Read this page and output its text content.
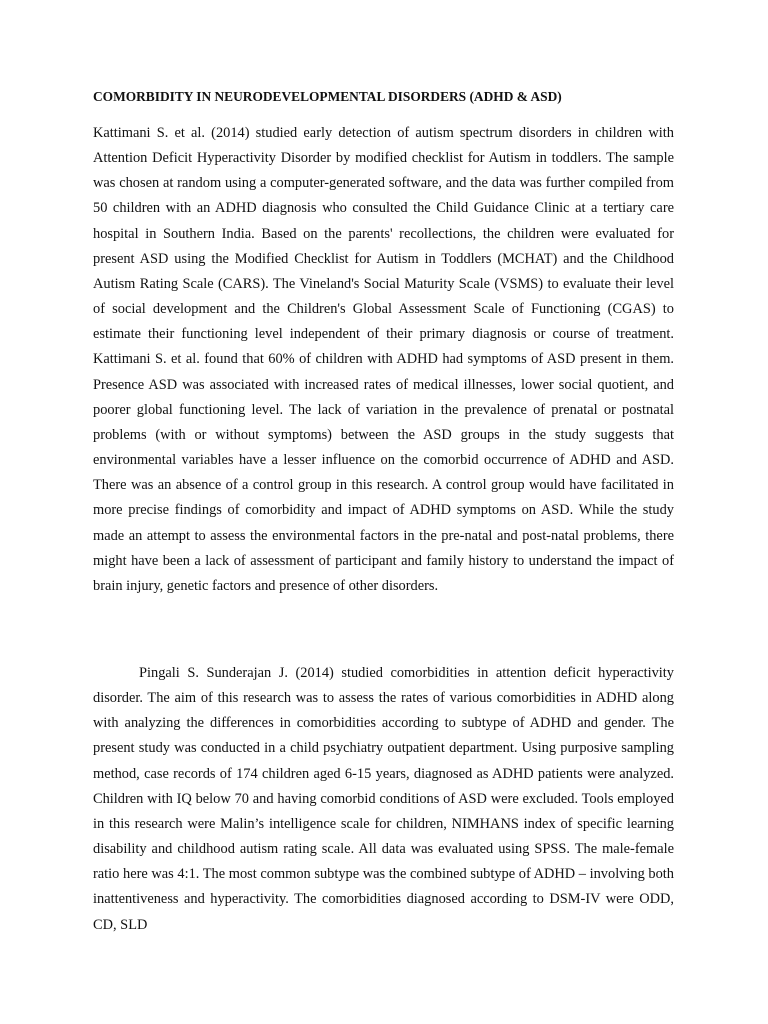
COMORBIDITY IN NEURODEVELOPMENTAL DISORDERS (ADHD & ASD)

Kattimani S. et al. (2014) studied early detection of autism spectrum disorders in children with Attention Deficit Hyperactivity Disorder by modified checklist for Autism in toddlers. The sample was chosen at random using a computer-generated software, and the data was further compiled from 50 children with an ADHD diagnosis who consulted the Child Guidance Clinic at a tertiary care hospital in Southern India. Based on the parents' recollections, the children were evaluated for present ASD using the Modified Checklist for Autism in Toddlers (MCHAT) and the Childhood Autism Rating Scale (CARS). The Vineland's Social Maturity Scale (VSMS) to evaluate their level of social development and the Children's Global Assessment Scale of Functioning (CGAS) to estimate their functioning level independent of their primary diagnosis or course of treatment. Kattimani S. et al. found that 60% of children with ADHD had symptoms of ASD present in them. Presence ASD was associated with increased rates of medical illnesses, lower social quotient, and poorer global functioning level. The lack of variation in the prevalence of prenatal or postnatal problems (with or without symptoms) between the ASD groups in the study suggests that environmental variables have a lesser influence on the comorbid occurrence of ADHD and ASD. There was an absence of a control group in this research. A control group would have facilitated in more precise findings of comorbidity and impact of ADHD symptoms on ASD. While the study made an attempt to assess the environmental factors in the pre-natal and post-natal problems, there might have been a lack of assessment of participant and family history to understand the impact of brain injury, genetic factors and presence of other disorders.

Pingali S. Sunderajan J. (2014) studied comorbidities in attention deficit hyperactivity disorder. The aim of this research was to assess the rates of various comorbidities in ADHD along with analyzing the differences in comorbidities according to subtype of ADHD and gender. The present study was conducted in a child psychiatry outpatient department. Using purposive sampling method, case records of 174 children aged 6-15 years, diagnosed as ADHD patients were analyzed. Children with IQ below 70 and having comorbid conditions of ASD were excluded. Tools employed in this research were Malin’s intelligence scale for children, NIMHANS index of specific learning disability and childhood autism rating scale. All data was evaluated using SPSS. The male-female ratio here was 4:1. The most common subtype was the combined subtype of ADHD – involving both inattentiveness and hyperactivity. The comorbidities diagnosed according to DSM-IV were ODD, CD, SLD
